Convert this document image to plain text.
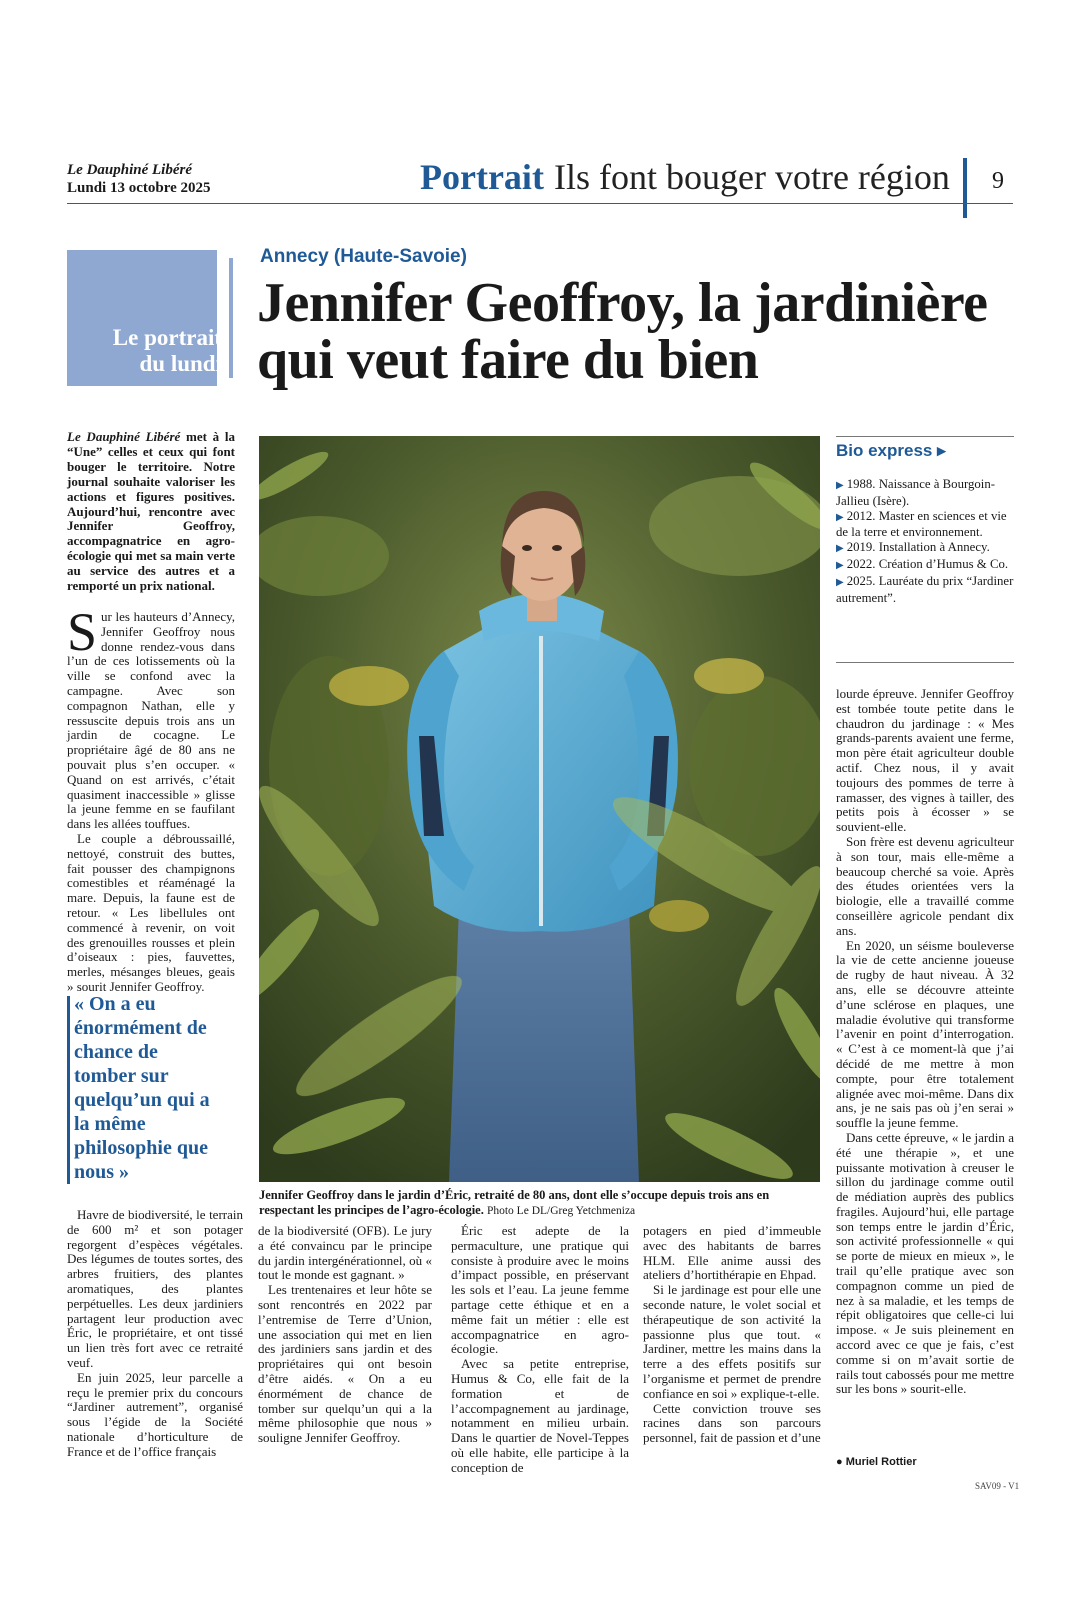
Le Dauphiné Libéré
Lundi 13 octobre 2025	Portrait Ils font bouger votre région 9
Le portrait
du lundi
Annecy (Haute-Savoie)
Jennifer Geoffroy, la jardinière
qui veut faire du bien
Le Dauphiné Libéré met à la “Une” celles et ceux qui font bouger le territoire. Notre journal souhaite valoriser les actions et figures positives. Aujourd’hui, rencontre avec Jennifer Geoffroy, accompagnatrice en agro-écologie qui met sa main verte au service des autres et a remporté un prix national.

Sur les hauteurs d’Annecy, Jennifer Geoffroy nous donne rendez-vous dans l’un de ces lotissements où la ville se confond avec la campagne. Avec son compagnon Nathan, elle y ressuscite depuis trois ans un jardin de cocagne. Le propriétaire âgé de 80 ans ne pouvait plus s’en occuper. « Quand on est arrivés, c’était quasiment inaccessible » glisse la jeune femme en se faufilant dans les allées touffues.

Le couple a débroussaillé, nettoyé, construit des buttes, fait pousser des champignons comestibles et réaménagé la mare. Depuis, la faune est de retour. « Les libellules ont commencé à revenir, on voit des grenouilles rousses et plein d’oiseaux : pies, fauvettes, merles, mésanges bleues, geais » sourit Jennifer Geoffroy.

« On a eu énormément de chance de tomber sur quelqu’un qui a la même philosophie que nous »

Havre de biodiversité, le terrain de 600 m² et son potager regorgent d’espèces végétales. Des légumes de toutes sortes, des arbres fruitiers, des plantes aromatiques, des plantes perpétuelles. Les deux jardiniers partagent leur production avec Éric, le propriétaire, et ont tissé un lien très fort avec ce retraité veuf.

En juin 2025, leur parcelle a reçu le premier prix du concours “Jardiner autrement”, organisé sous l’égide de la Société nationale d’horticulture de France et de l’office français

de la biodiversité (OFB). Le jury a été convaincu par le principe du jardin intergénérationnel, où « tout le monde est gagnant. »

Les trentenaires et leur hôte se sont rencontrés en 2022 par l’entremise de Terre d’Union, une association qui met en lien des jardiniers sans jardin et des propriétaires qui ont besoin d’être aidés. « On a eu énormément de chance de tomber sur quelqu’un qui a la même philosophie que nous » souligne Jennifer Geoffroy.

Éric est adepte de la permaculture, une pratique qui consiste à produire avec le moins d’impact possible, en préservant les sols et l’eau. La jeune femme partage cette éthique et en a même fait un métier : elle est accompagnatrice en agro-écologie.

Avec sa petite entreprise, Humus & Co, elle fait de la formation et de l’accompagnement au jardinage, notamment en milieu urbain. Dans le quartier de Novel-Teppes où elle habite, elle participe à la conception de

potagers en pied d’immeuble avec des habitants de barres HLM. Elle anime aussi des ateliers d’hortithérapie en Ehpad.

Si le jardinage est pour elle une seconde nature, le volet social et thérapeutique de son activité la passionne plus que tout. « Jardiner, mettre les mains dans la terre a des effets positifs sur l’organisme et permet de prendre confiance en soi » explique-t-elle.

Cette conviction trouve ses racines dans son parcours personnel, fait de passion et d’une

Jennifer Geoffroy dans le jardin d’Éric, retraité de 80 ans, dont elle s’occupe depuis trois ans en respectant les principes de l’agro-écologie. Photo Le DL/Greg Yetchmeniza
Bio express ▸
▶ 1988. Naissance à Bourgoin-Jallieu (Isère).
▶ 2012. Master en sciences et vie de la terre et environnement.
▶ 2019. Installation à Annecy.
▶ 2022. Création d’Humus & Co.
▶ 2025. Lauréate du prix “Jardiner autrement”.

lourde épreuve. Jennifer Geoffroy est tombée toute petite dans le chaudron du jardinage : « Mes grands-parents avaient une ferme, mon père était agriculteur double actif. Chez nous, il y avait toujours des pommes de terre à ramasser, des vignes à tailler, des petits pois à écosser » se souvient-elle.

Son frère est devenu agriculteur à son tour, mais elle-même a beaucoup cherché sa voie. Après des études orientées vers la biologie, elle a travaillé comme conseillère agricole pendant dix ans.

En 2020, un séisme bouleverse la vie de cette ancienne joueuse de rugby de haut niveau. À 32 ans, elle se découvre atteinte d’une sclérose en plaques, une maladie évolutive qui transforme l’avenir en point d’interrogation. « C’est à ce moment-là que j’ai décidé de me mettre à mon compte, pour être totalement alignée avec moi-même. Dans dix ans, je ne sais pas où j’en serai » souffle la jeune femme.

Dans cette épreuve, « le jardin a été une thérapie », et une puissante motivation à creuser le sillon du jardinage comme outil de médiation auprès des publics fragiles. Aujourd’hui, elle partage son temps entre le jardin d’Éric, son activité professionnelle « qui se porte de mieux en mieux », le trail qu’elle pratique avec son compagnon comme un pied de nez à sa maladie, et les temps de répit obligatoires que celle-ci lui impose. « Je suis pleinement en accord avec ce que je fais, c’est comme si on m’avait sortie de rails tout cabossés pour me mettre sur les bons » sourit-elle.

● Muriel Rottier
SAV09 - V1
